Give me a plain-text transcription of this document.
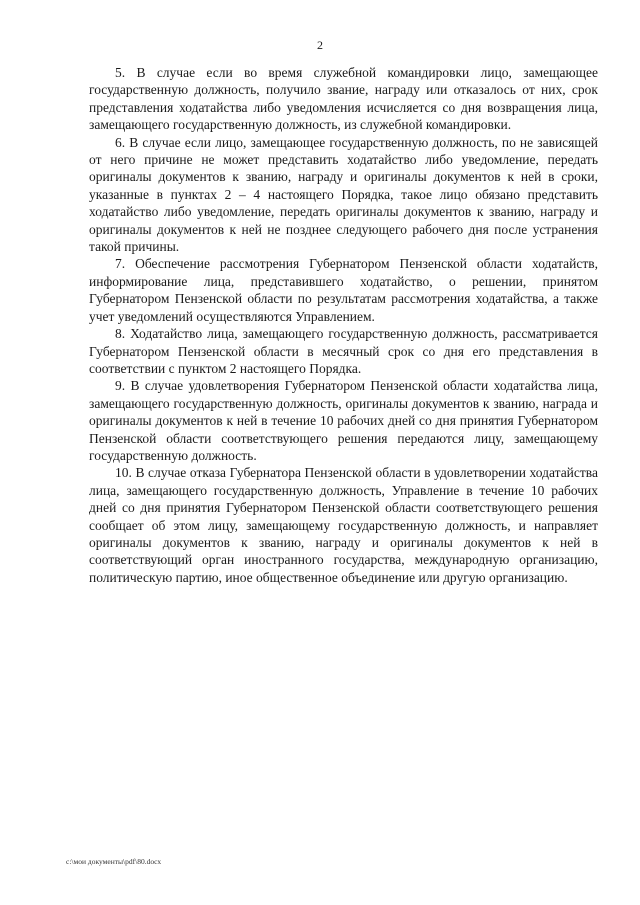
2

5. В случае если во время служебной командировки лицо, замещающее государственную должность, получило звание, награду или отказалось от них, срок представления ходатайства либо уведомления исчисляется со дня возвращения лица, замещающего государственную должность, из служебной командировки.

6. В случае если лицо, замещающее государственную должность, по не зависящей от него причине не может представить ходатайство либо уведомление, передать оригиналы документов к званию, награду и оригиналы документов к ней в сроки, указанные в пунктах 2 – 4 настоящего Порядка, такое лицо обязано представить ходатайство либо уведомление, передать оригиналы документов к званию, награду и оригиналы документов к ней не позднее следующего рабочего дня после устранения такой причины.

7. Обеспечение рассмотрения Губернатором Пензенской области ходатайств, информирование лица, представившего ходатайство, о решении, принятом Губернатором Пензенской области по результатам рассмотрения ходатайства, а также учет уведомлений осуществляются Управлением.

8. Ходатайство лица, замещающего государственную должность, рассматривается Губернатором Пензенской области в месячный срок со дня его представления в соответствии с пунктом 2 настоящего Порядка.

9. В случае удовлетворения Губернатором Пензенской области ходатайства лица, замещающего государственную должность, оригиналы документов к званию, награда и оригиналы документов к ней в течение 10 рабочих дней со дня принятия Губернатором Пензенской области соответствующего решения передаются лицу, замещающему государственную должность.

10. В случае отказа Губернатора Пензенской области в удовлетворении ходатайства лица, замещающего государственную должность, Управление в течение 10 рабочих дней со дня принятия Губернатором Пензенской области соответствующего решения сообщает об этом лицу, замещающему государственную должность, и направляет оригиналы документов к званию, награду и оригиналы документов к ней в соответствующий орган иностранного государства, международную организацию, политическую партию, иное общественное объединение или другую организацию.

c:\мои документы\pdf\80.docx
